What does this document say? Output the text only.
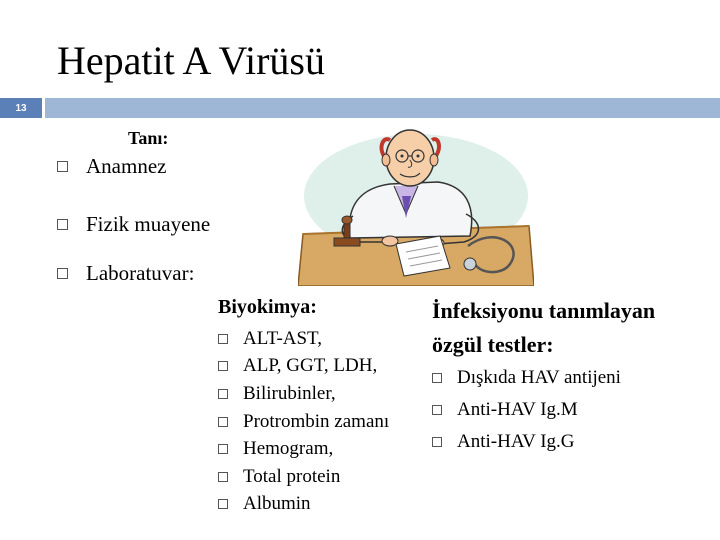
Hepatit A Virüsü
13
Tanı:
Anamnez
Fizik muayene
Laboratuvar:
Biyokimya:
ALT-AST,
ALP, GGT, LDH,
Bilirubinler,
Protrombin zamanı
Hemogram,
Total protein
Albumin
İnfeksiyonu tanımlayan
özgül testler:
Dışkıda HAV antijeni
Anti-HAV Ig.M
Anti-HAV Ig.G
